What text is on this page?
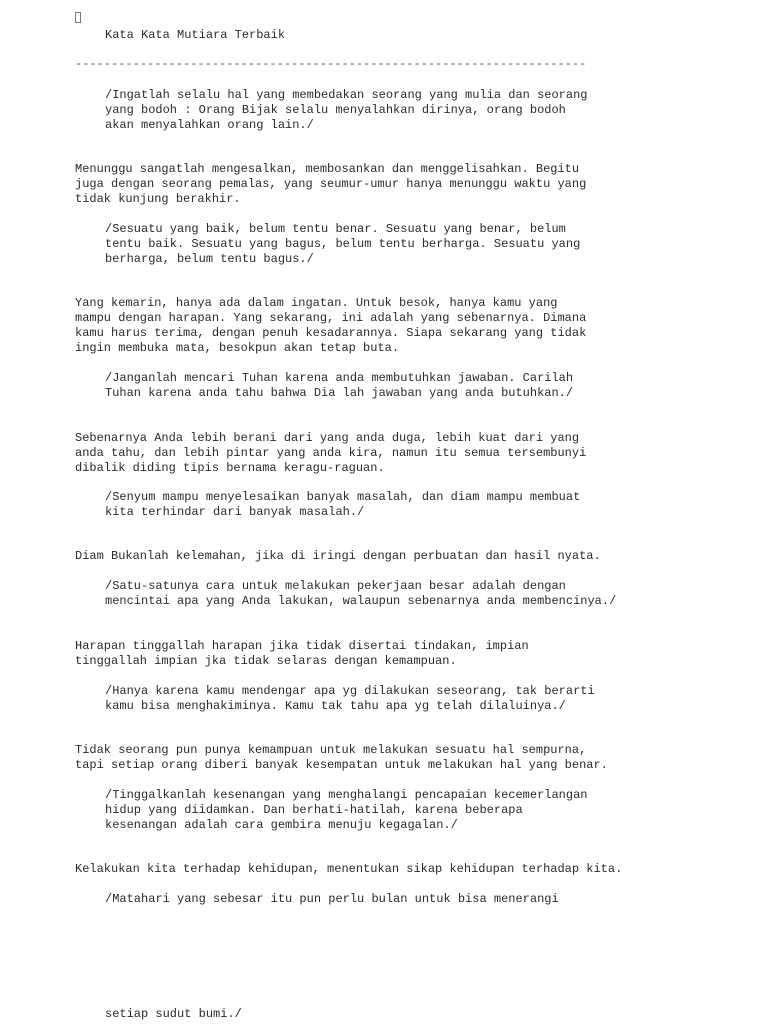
Kata Kata Mutiara Terbaik
-----------------------------------------------------------------------

/Ingatlah selalu hal yang membedakan seorang yang mulia dan seorang
yang bodoh : Orang Bijak selalu menyalahkan dirinya, orang bodoh
akan menyalahkan orang lain./

Menunggu sangatlah mengesalkan, membosankan dan menggelisahkan. Begitu
juga dengan seorang pemalas, yang seumur-umur hanya menunggu waktu yang
tidak kunjung berakhir.

/Sesuatu yang baik, belum tentu benar. Sesuatu yang benar, belum
tentu baik. Sesuatu yang bagus, belum tentu berharga. Sesuatu yang
berharga, belum tentu bagus./

Yang kemarin, hanya ada dalam ingatan. Untuk besok, hanya kamu yang
mampu dengan harapan. Yang sekarang, ini adalah yang sebenarnya. Dimana
kamu harus terima, dengan penuh kesadarannya. Siapa sekarang yang tidak
ingin membuka mata, besokpun akan tetap buta.

/Janganlah mencari Tuhan karena anda membutuhkan jawaban. Carilah
Tuhan karena anda tahu bahwa Dia lah jawaban yang anda butuhkan./

Sebenarnya Anda lebih berani dari yang anda duga, lebih kuat dari yang
anda tahu, dan lebih pintar yang anda kira, namun itu semua tersembunyi
dibalik diding tipis bernama keragu-raguan.

/Senyum mampu menyelesaikan banyak masalah, dan diam mampu membuat
kita terhindar dari banyak masalah./

Diam Bukanlah kelemahan, jika di iringi dengan perbuatan dan hasil nyata.

/Satu-satunya cara untuk melakukan pekerjaan besar adalah dengan
mencintai apa yang Anda lakukan, walaupun sebenarnya anda membencinya./

Harapan tinggallah harapan jika tidak disertai tindakan, impian
tinggallah impian jka tidak selaras dengan kemampuan.

/Hanya karena kamu mendengar apa yg dilakukan seseorang, tak berarti
kamu bisa menghakiminya. Kamu tak tahu apa yg telah dilaluinya./

Tidak seorang pun punya kemampuan untuk melakukan sesuatu hal sempurna,
tapi setiap orang diberi banyak kesempatan untuk melakukan hal yang benar.

/Tinggalkanlah kesenangan yang menghalangi pencapaian kecemerlangan
hidup yang diidamkan. Dan berhati-hatilah, karena beberapa
kesenangan adalah cara gembira menuju kegagalan./

Kelakukan kita terhadap kehidupan, menentukan sikap kehidupan terhadap kita.

/Matahari yang sebesar itu pun perlu bulan untuk bisa menerangi

setiap sudut bumi./
